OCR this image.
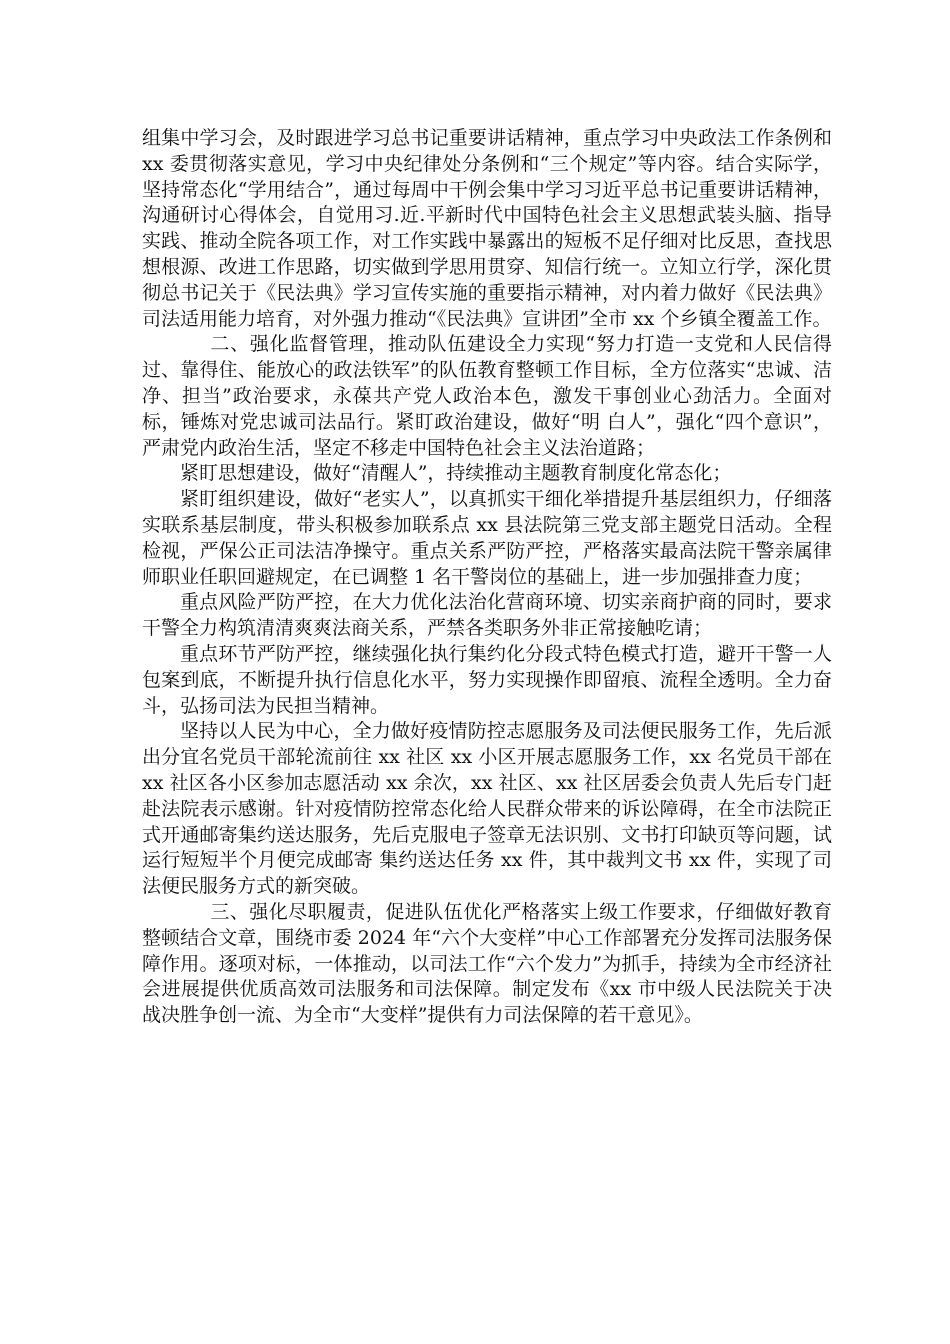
组集中学习会，及时跟进学习总书记重要讲话精神，重点学习中央政法工作条例和 xx 委贯彻落实意见，学习中央纪律处分条例和“三个规定”等内容。结合实际学，坚持常态化“学用结合”，通过每周中干例会集中学习习近平总书记重要讲话精神，沟通研讨心得体会，自觉用习.近.平新时代中国特色社会主义思想武装头脑、指导实践、推动全院各项工作，对工作实践中暴露出的短板不足仔细对比反思，查找思想根源、改进工作思路，切实做到学思用贯穿、知信行统一。立知立行学，深化贯彻总书记关于《民法典》学习宣传实施的重要指示精神，对内着力做好《民法典》司法适用能力培育，对外强力推动“《民法典》宣讲团”全市 xx 个乡镇全覆盖工作。

二、强化监督管理，推动队伍建设全力实现“努力打造一支党和人民信得过、靠得住、能放心的政法铁军”的队伍教育整顿工作目标，全方位落实“忠诚、洁净、担当”政治要求，永葆共产党人政治本色，激发干事创业心劲活力。全面对标，锤炼对党忠诚司法品行。紧盯政治建设，做好“明 白人”，强化“四个意识”，严肃党内政治生活，坚定不移走中国特色社会主义法治道路；

紧盯思想建设，做好“清醒人”，持续推动主题教育制度化常态化；

紧盯组织建设，做好“老实人”，以真抓实干细化举措提升基层组织力，仔细落实联系基层制度，带头积极参加联系点 xx 县法院第三党支部主题党日活动。全程检视，严保公正司法洁净操守。重点关系严防严控，严格落实最高法院干警亲属律师职业任职回避规定，在已调整 1 名干警岗位的基础上，进一步加强排查力度；

重点风险严防严控，在大力优化法治化营商环境、切实亲商护商的同时，要求干警全力构筑清清爽爽法商关系，严禁各类职务外非正常接触吃请；

重点环节严防严控，继续强化执行集约化分段式特色模式打造，避开干警一人包案到底，不断提升执行信息化水平，努力实现操作即留痕、流程全透明。全力奋斗，弘扬司法为民担当精神。

坚持以人民为中心，全力做好疫情防控志愿服务及司法便民服务工作，先后派出分宜名党员干部轮流前往 xx 社区 xx 小区开展志愿服务工作，xx 名党员干部在 xx 社区各小区参加志愿活动 xx 余次，xx 社区、xx 社区居委会负责人先后专门赶赴法院表示感谢。针对疫情防控常态化给人民群众带来的诉讼障碍，在全市法院正式开通邮寄集约送达服务，先后克服电子签章无法识别、文书打印缺页等问题，试运行短短半个月便完成邮寄 集约送达任务 xx 件，其中裁判文书 xx 件，实现了司法便民服务方式的新突破。

三、强化尽职履责，促进队伍优化严格落实上级工作要求，仔细做好教育整顿结合文章，围绕市委 2024 年“六个大变样”中心工作部署充分发挥司法服务保障作用。逐项对标，一体推动，以司法工作“六个发力”为抓手，持续为全市经济社会进展提供优质高效司法服务和司法保障。制定发布《xx 市中级人民法院关于决战决胜争创一流、为全市“大变样”提供有力司法保障的若干意见》。
